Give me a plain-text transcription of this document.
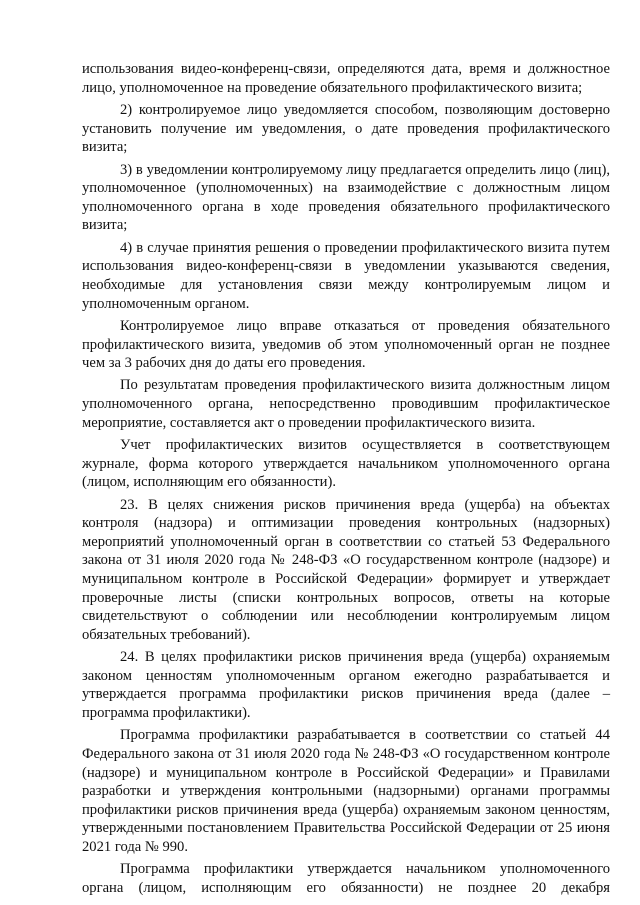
использования видео-конференц-связи, определяются дата, время и должностное лицо, уполномоченное на проведение обязательного профилактического визита;

2) контролируемое лицо уведомляется способом, позволяющим достоверно установить получение им уведомления, о дате проведения профилактического визита;

3) в уведомлении контролируемому лицу предлагается определить лицо (лиц), уполномоченное (уполномоченных) на взаимодействие с должностным лицом уполномоченного органа в ходе проведения обязательного профилактического визита;

4) в случае принятия решения о проведении профилактического визита путем использования видео-конференц-связи в уведомлении указываются сведения, необходимые для установления связи между контролируемым лицом и уполномоченным органом.

Контролируемое лицо вправе отказаться от проведения обязательного профилактического визита, уведомив об этом уполномоченный орган не позднее чем за 3 рабочих дня до даты его проведения.

По результатам проведения профилактического визита должностным лицом уполномоченного органа, непосредственно проводившим профилактическое мероприятие, составляется акт о проведении профилактического визита.

Учет профилактических визитов осуществляется в соответствующем журнале, форма которого утверждается начальником уполномоченного органа (лицом, исполняющим его обязанности).

23. В целях снижения рисков причинения вреда (ущерба) на объектах контроля (надзора) и оптимизации проведения контрольных (надзорных) мероприятий уполномоченный орган в соответствии со статьей 53 Федерального закона от 31 июля 2020 года № 248-ФЗ «О государственном контроле (надзоре) и муниципальном контроле в Российской Федерации» формирует и утверждает проверочные листы (списки контрольных вопросов, ответы на которые свидетельствуют о соблюдении или несоблюдении контролируемым лицом обязательных требований).

24. В целях профилактики рисков причинения вреда (ущерба) охраняемым законом ценностям уполномоченным органом ежегодно разрабатывается и утверждается программа профилактики рисков причинения вреда (далее – программа профилактики).

Программа профилактики разрабатывается в соответствии со статьей 44 Федерального закона от 31 июля 2020 года № 248-ФЗ «О государственном контроле (надзоре) и муниципальном контроле в Российской Федерации» и Правилами разработки и утверждения контрольными (надзорными) органами программы профилактики рисков причинения вреда (ущерба) охраняемым законом ценностям, утвержденными постановлением Правительства Российской Федерации от 25 июня 2021 года № 990.

Программа профилактики утверждается начальником уполномоченного органа (лицом, исполняющим его обязанности) не позднее 20 декабря
